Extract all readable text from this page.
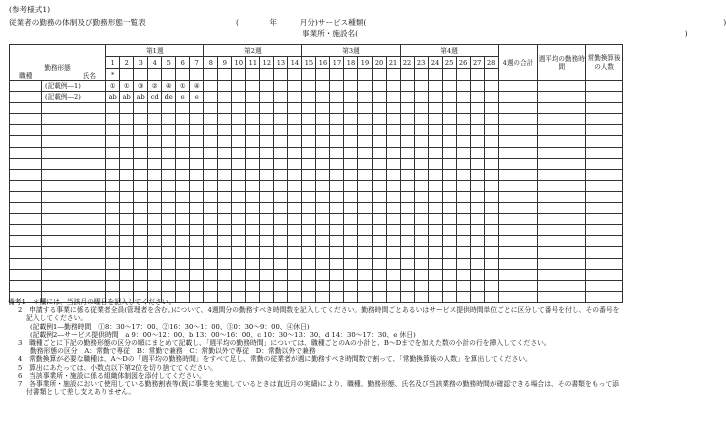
(参考様式1)
従業者の勤務の体制及び勤務形態一覧表	(　　　　年　　　月分)サービス種類(　　　　　　　　　　　　　　　　　　　　　　　　　　　　　　　　　　　　　　　　　　　　　　　)
事業所・施設名(　　　　　　　　　　　　　　　　　　　　　　　　　　　　　　　　　　　　　　　　　　　)
			第1週							第2週							第3週							第4週							4週の合計	週平均の勤務時間	常勤換算後の人数
職種	勤務形態	氏名	1	2	3	4	5	6	7	8	9	10	11	12	13	14	15	16	17	18	19	20	21	22	23	24	25	26	27	28			
			*																														
	(記載例―1)		①	①	③	②	④	①	④																								
	(記載例―2)		ab	ab	ab	cd	de	e	e																								

備考1　 ＊欄には、当該月の曜日を記入してください。
2　申請する事業に係る従業者全員(管理者を含む。)について、4週間分の勤務すべき時間数を記入してください。勤務時間ごとあるいはサービス提供時間単位ごとに区分して番号を付し、その番号を記入してください。
(記載例1―勤務時間　①8：30～17：00、②16：30～1：00、③0：30～9：00、④休日)
(記載例2―サービス提供時間　a 9：00～12：00、b 13：00～16：00、c 10：30～13：30、d 14：30～17：30、e 休日)
3　職種ごとに下記の勤務形態の区分の順にまとめて記載し、「週平均の勤務時間」については、職種ごとのAの小計と、B～Dまでを加えた数の小計の行を挿入してください。
勤務形態の区分　A：常勤で専従　B：常勤で兼務　C：常勤以外で専従　D：常勤以外で兼務
4　常勤換算が必要な職種は、A～Dの「週平均の勤務時間」をすべて足し、常勤の従業者が週に勤務すべき時間数で割って、「常勤換算後の人数」を算出してください。
5　算出にあたっては、小数点以下第2位を切り捨ててください。
6　当該事業所・施設に係る組織体制図を添付してください。
7　各事業所・施設において使用している勤務割表等(既に事業を実施しているときは直近月の実績)により、職種、勤務形態、氏名及び当該業務の勤務時間が確認できる場合は、その書類をもって添付書類として差し支えありません。
